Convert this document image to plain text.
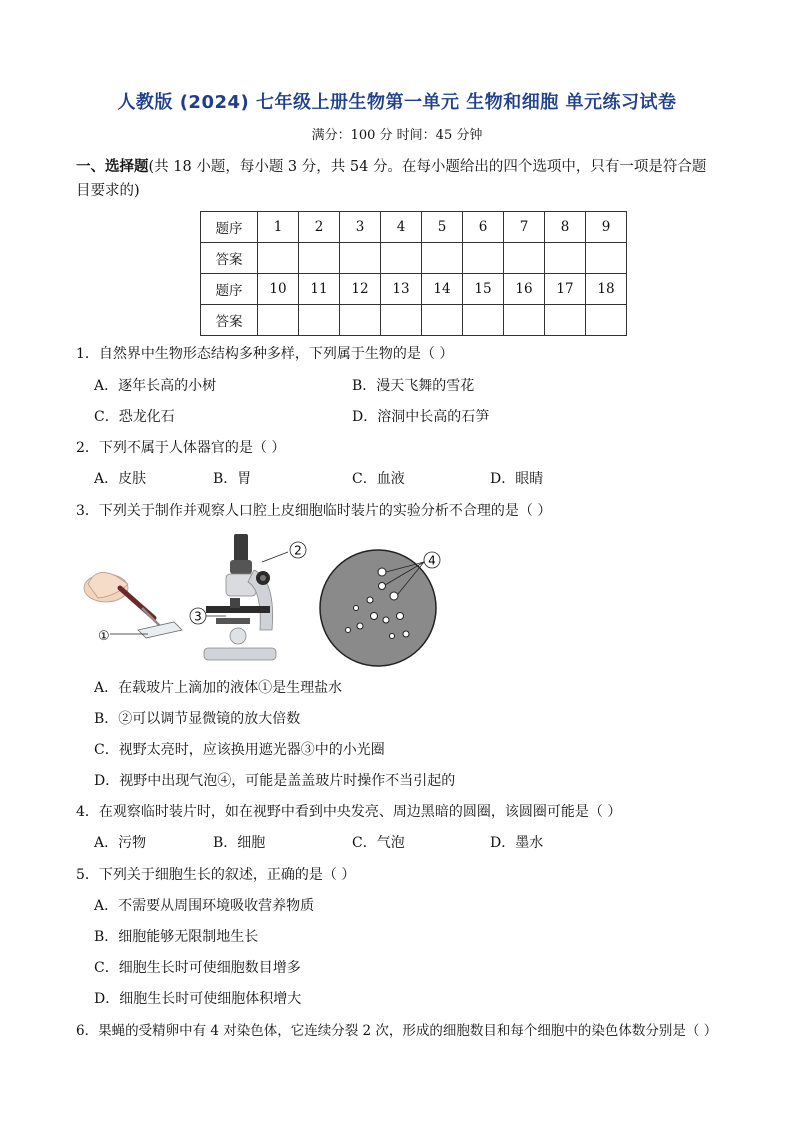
人教版 (2024) 七年级上册生物第一单元 生物和细胞 单元练习试卷
满分：100 分 时间：45 分钟
一、选择题(共 18 小题，每小题 3 分，共 54 分。在每小题给出的四个选项中，只有一项是符合题
目要求的)
题序	1	2	3	4	5	6	7	8	9
答案									
题序	10	11	12	13	14	15	16	17	18
答案									
1．自然界中生物形态结构多种多样，下列属于生物的是（ ）
A．逐年长高的小树	B．漫天飞舞的雪花
C．恐龙化石	D．溶洞中长高的石笋
2．下列不属于人体器官的是（ ）
A．皮肤	B．胃	C．血液	D．眼睛
3．下列关于制作并观察人口腔上皮细胞临时装片的实验分析不合理的是（ ）
①
2
3
4
A．在载玻片上滴加的液体①是生理盐水
B．②可以调节显微镜的放大倍数
C．视野太亮时，应该换用遮光器③中的小光圈
D．视野中出现气泡④，可能是盖盖玻片时操作不当引起的
4．在观察临时装片时，如在视野中看到中央发亮、周边黑暗的圆圈，该圆圈可能是（ ）
A．污物	B．细胞	C．气泡	D．墨水
5．下列关于细胞生长的叙述，正确的是（ ）
A．不需要从周围环境吸收营养物质
B．细胞能够无限制地生长
C．细胞生长时可使细胞数目增多
D．细胞生长时可使细胞体积增大
6．果蝇的受精卵中有 4 对染色体，它连续分裂 2 次，形成的细胞数目和每个细胞中的染色体数分别是（ ）
